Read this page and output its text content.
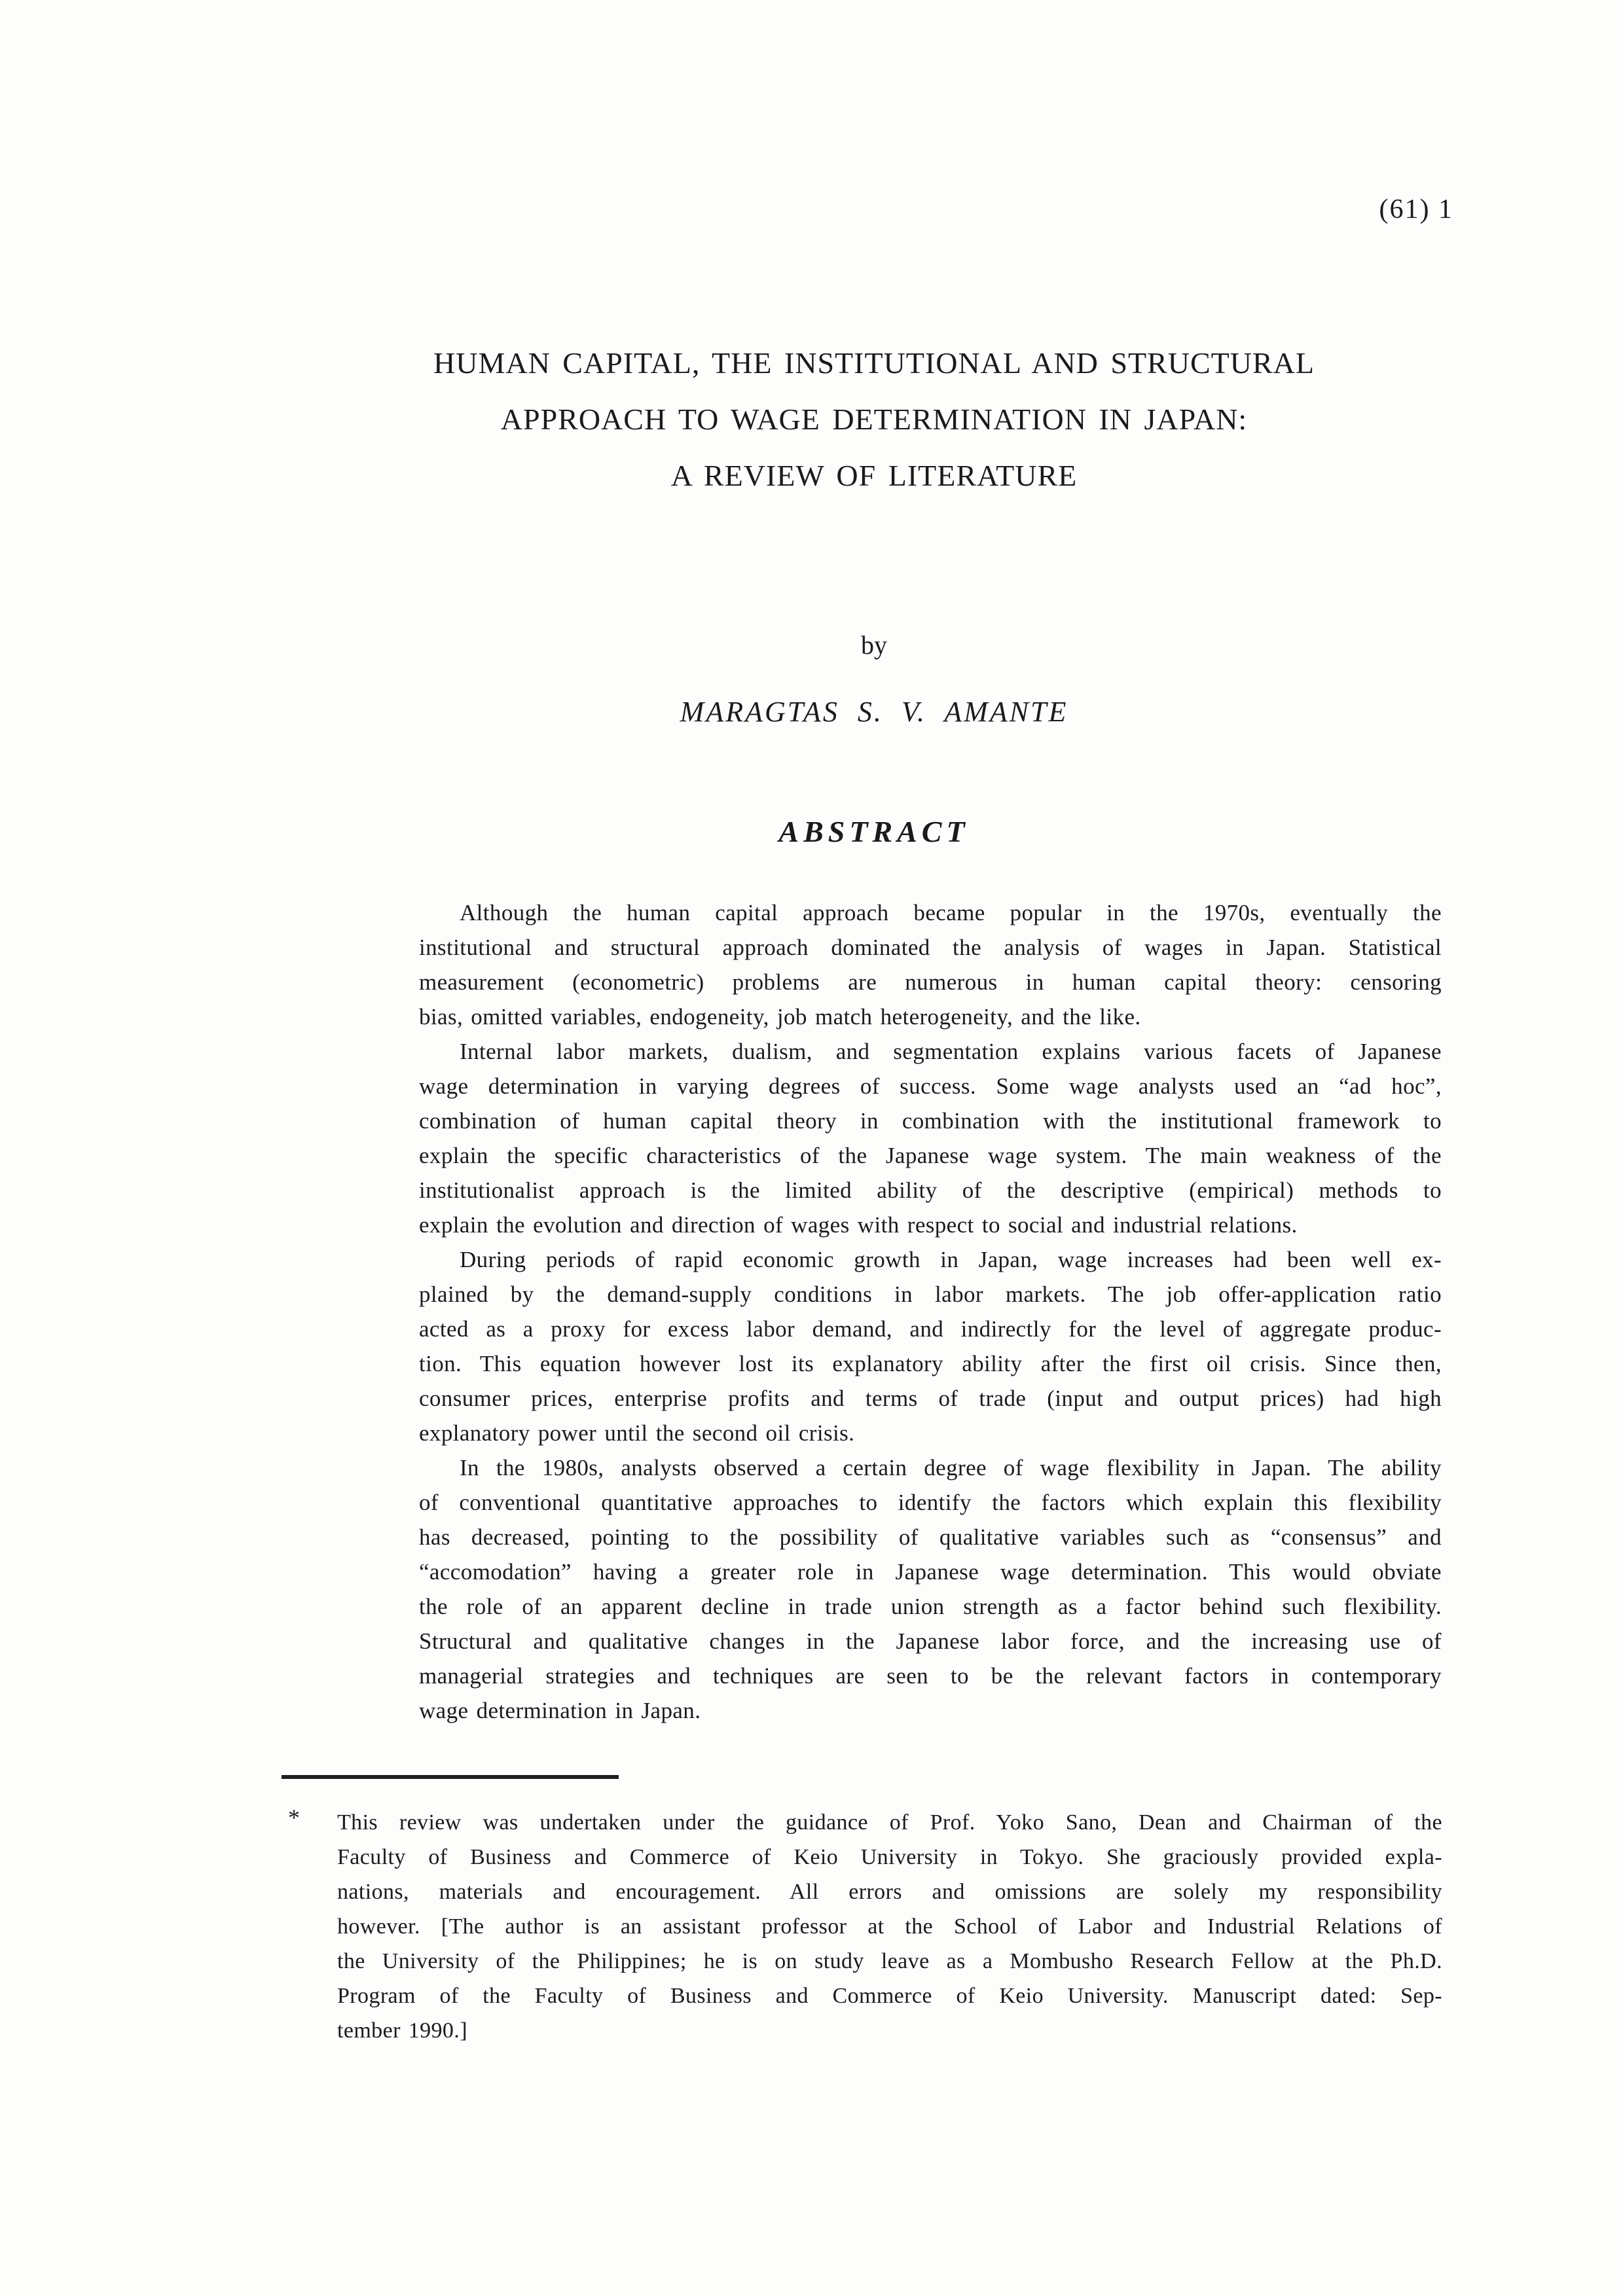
(61) 1
HUMAN CAPITAL, THE INSTITUTIONAL AND STRUCTURAL
APPROACH TO WAGE DETERMINATION IN JAPAN:
A REVIEW OF LITERATURE
by
MARAGTAS S. V. AMANTE
ABSTRACT
Although the human capital approach became popular in the 1970s, eventually the
institutional and structural approach dominated the analysis of wages in Japan. Statistical
measurement (econometric) problems are numerous in human capital theory: censoring
bias, omitted variables, endogeneity, job match heterogeneity, and the like.
Internal labor markets, dualism, and segmentation explains various facets of Japanese
wage determination in varying degrees of success. Some wage analysts used an “ad hoc”,
combination of human capital theory in combination with the institutional framework to
explain the specific characteristics of the Japanese wage system. The main weakness of the
institutionalist approach is the limited ability of the descriptive (empirical) methods to
explain the evolution and direction of wages with respect to social and industrial relations.
During periods of rapid economic growth in Japan, wage increases had been well ex-
plained by the demand-supply conditions in labor markets. The job offer-application ratio
acted as a proxy for excess labor demand, and indirectly for the level of aggregate produc-
tion. This equation however lost its explanatory ability after the first oil crisis. Since then,
consumer prices, enterprise profits and terms of trade (input and output prices) had high
explanatory power until the second oil crisis.
In the 1980s, analysts observed a certain degree of wage flexibility in Japan. The ability
of conventional quantitative approaches to identify the factors which explain this flexibility
has decreased, pointing to the possibility of qualitative variables such as “consensus” and
“accomodation” having a greater role in Japanese wage determination. This would obviate
the role of an apparent decline in trade union strength as a factor behind such flexibility.
Structural and qualitative changes in the Japanese labor force, and the increasing use of
managerial strategies and techniques are seen to be the relevant factors in contemporary
wage determination in Japan.
* This review was undertaken under the guidance of Prof. Yoko Sano, Dean and Chairman of the
Faculty of Business and Commerce of Keio University in Tokyo. She graciously provided expla-
nations, materials and encouragement. All errors and omissions are solely my responsibility
however. [The author is an assistant professor at the School of Labor and Industrial Relations of
the University of the Philippines; he is on study leave as a Mombusho Research Fellow at the Ph.D.
Program of the Faculty of Business and Commerce of Keio University. Manuscript dated: Sep-
tember 1990.]
